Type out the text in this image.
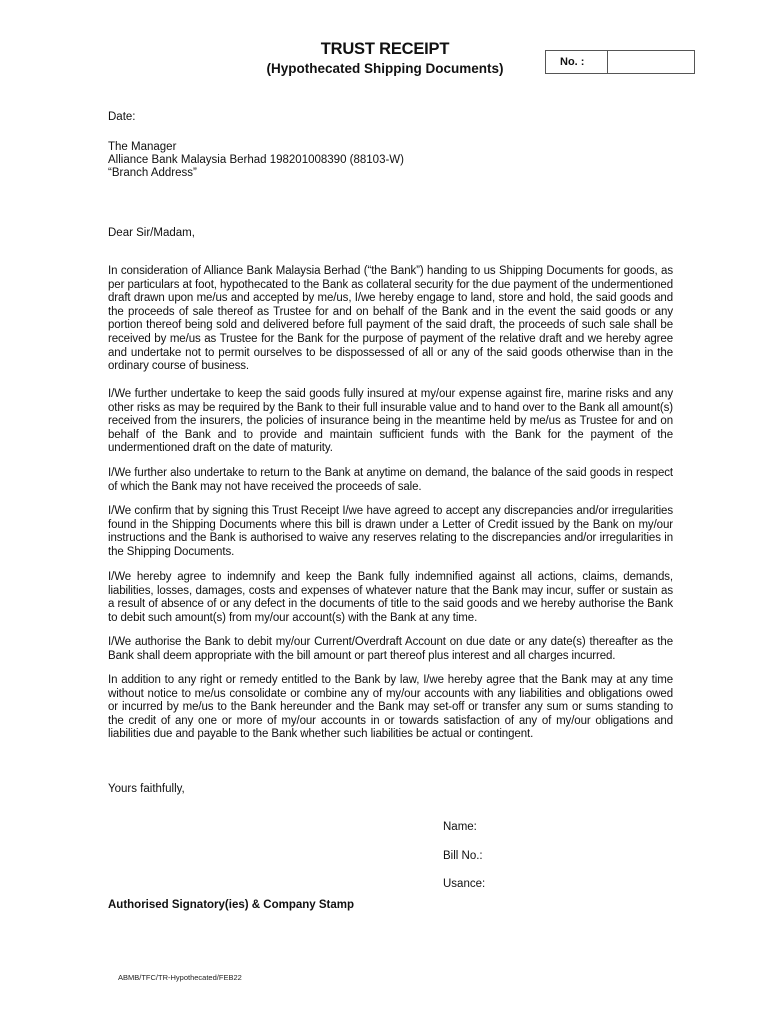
TRUST RECEIPT
(Hypothecated Shipping Documents)	No. :
Date:
The Manager
Alliance Bank Malaysia Berhad 198201008390 (88103-W)
“Branch Address”
Dear Sir/Madam,
In consideration of Alliance Bank Malaysia Berhad (“the Bank”) handing to us Shipping Documents for goods, as per particulars at foot, hypothecated to the Bank as collateral security for the due payment of the undermentioned draft drawn upon me/us and accepted by me/us, I/we hereby engage to land, store and hold, the said goods and the proceeds of sale thereof as Trustee for and on behalf of the Bank and in the event the said goods or any portion thereof being sold and delivered before full payment of the said draft, the proceeds of such sale shall be received by me/us as Trustee for the Bank for the purpose of payment of the relative draft and we hereby agree and undertake not to permit ourselves to be dispossessed of all or any of the said goods otherwise than in the ordinary course of business.
I/We further undertake to keep the said goods fully insured at my/our expense against fire, marine risks and any other risks as may be required by the Bank to their full insurable value and to hand over to the Bank all amount(s) received from the insurers, the policies of insurance being in the meantime held by me/us as Trustee for and on behalf of the Bank and to provide and maintain sufficient funds with the Bank for the payment of the undermentioned draft on the date of maturity.
I/We further also undertake to return to the Bank at anytime on demand, the balance of the said goods in respect of which the Bank may not have received the proceeds of sale.
I/We confirm that by signing this Trust Receipt I/we have agreed to accept any discrepancies and/or irregularities found in the Shipping Documents where this bill is drawn under a Letter of Credit issued by the Bank on my/our instructions and the Bank is authorised to waive any reserves relating to the discrepancies and/or irregularities in the Shipping Documents.
I/We hereby agree to indemnify and keep the Bank fully indemnified against all actions, claims, demands, liabilities, losses, damages, costs and expenses of whatever nature that the Bank may incur, suffer or sustain as a result of absence of or any defect in the documents of title to the said goods and we hereby authorise the Bank to debit such amount(s) from my/our account(s) with the Bank at any time.
I/We authorise the Bank to debit my/our Current/Overdraft Account on due date or any date(s) thereafter as the Bank shall deem appropriate with the bill amount or part thereof plus interest and all charges incurred.
In addition to any right or remedy entitled to the Bank by law, I/we hereby agree that the Bank may at any time without notice to me/us consolidate or combine any of my/our accounts with any liabilities and obligations owed or incurred by me/us to the Bank hereunder and the Bank may set-off or transfer any sum or sums standing to the credit of any one or more of my/our accounts in or towards satisfaction of any of my/our obligations and liabilities due and payable to the Bank whether such liabilities be actual or contingent.
Yours faithfully,
Name:
Bill No.:
Usance:
Authorised Signatory(ies) & Company Stamp
ABMB/TFC/TR-Hypothecated/FEB22
